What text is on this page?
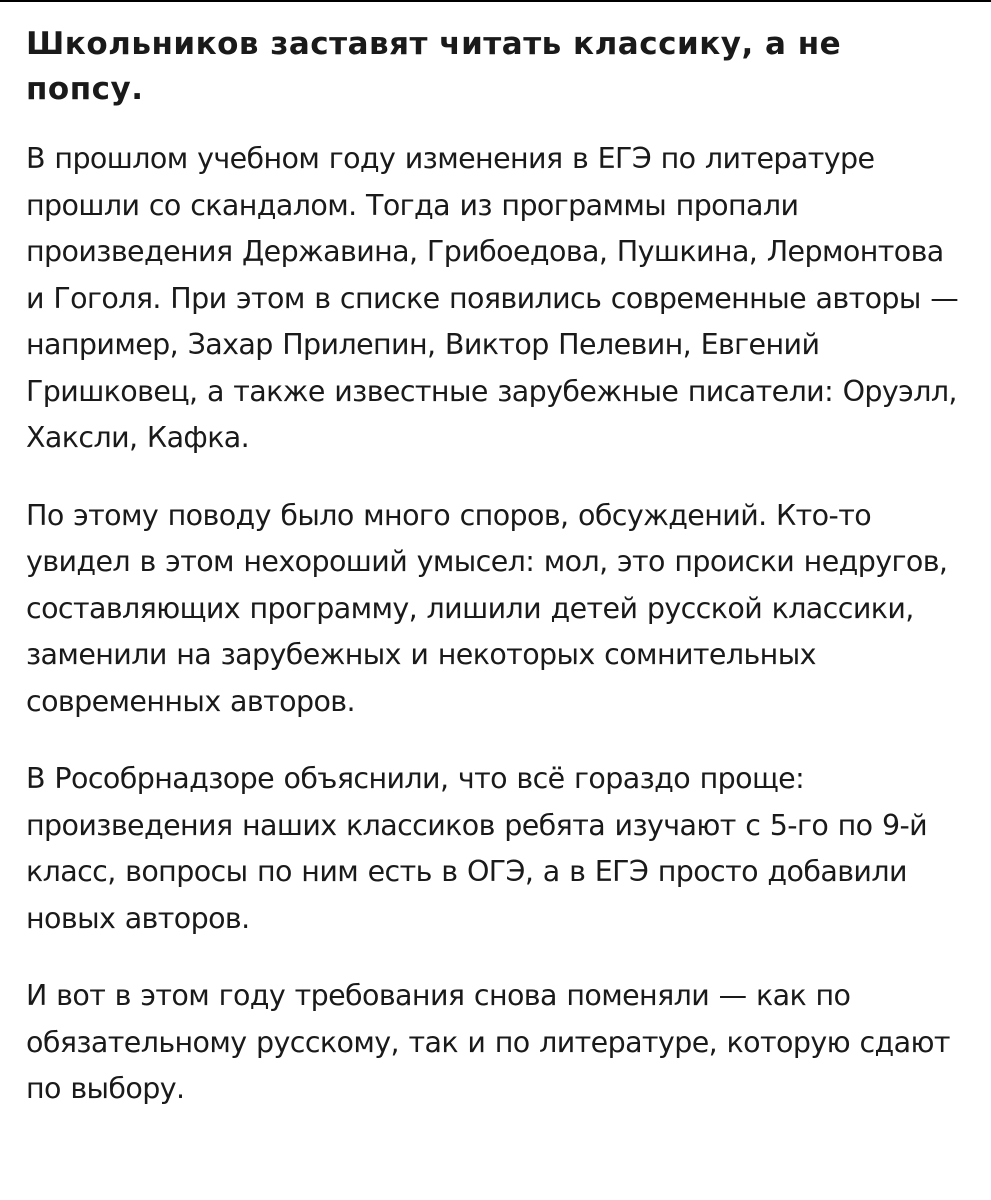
Школьников заставят читать классику, а не попсу.

В прошлом учебном году изменения в ЕГЭ по литературе прошли со скандалом. Тогда из программы пропали произведения Державина, Грибоедова, Пушкина, Лермонтова и Гоголя. При этом в списке появились современные авторы — например, Захар Прилепин, Виктор Пелевин, Евгений Гришковец, а также известные зарубежные писатели: Оруэлл, Хаксли, Кафка.

По этому поводу было много споров, обсуждений. Кто-то увидел в этом нехороший умысел: мол, это происки недругов, составляющих программу, лишили детей русской классики, заменили на зарубежных и некоторых сомнительных современных авторов.

В Рособрнадзоре объяснили, что всё гораздо проще: произведения наших классиков ребята изучают с 5-го по 9-й класс, вопросы по ним есть в ОГЭ, а в ЕГЭ просто добавили новых авторов.

И вот в этом году требования снова поменяли — как по обязательному русскому, так и по литературе, которую сдают по выбору.
